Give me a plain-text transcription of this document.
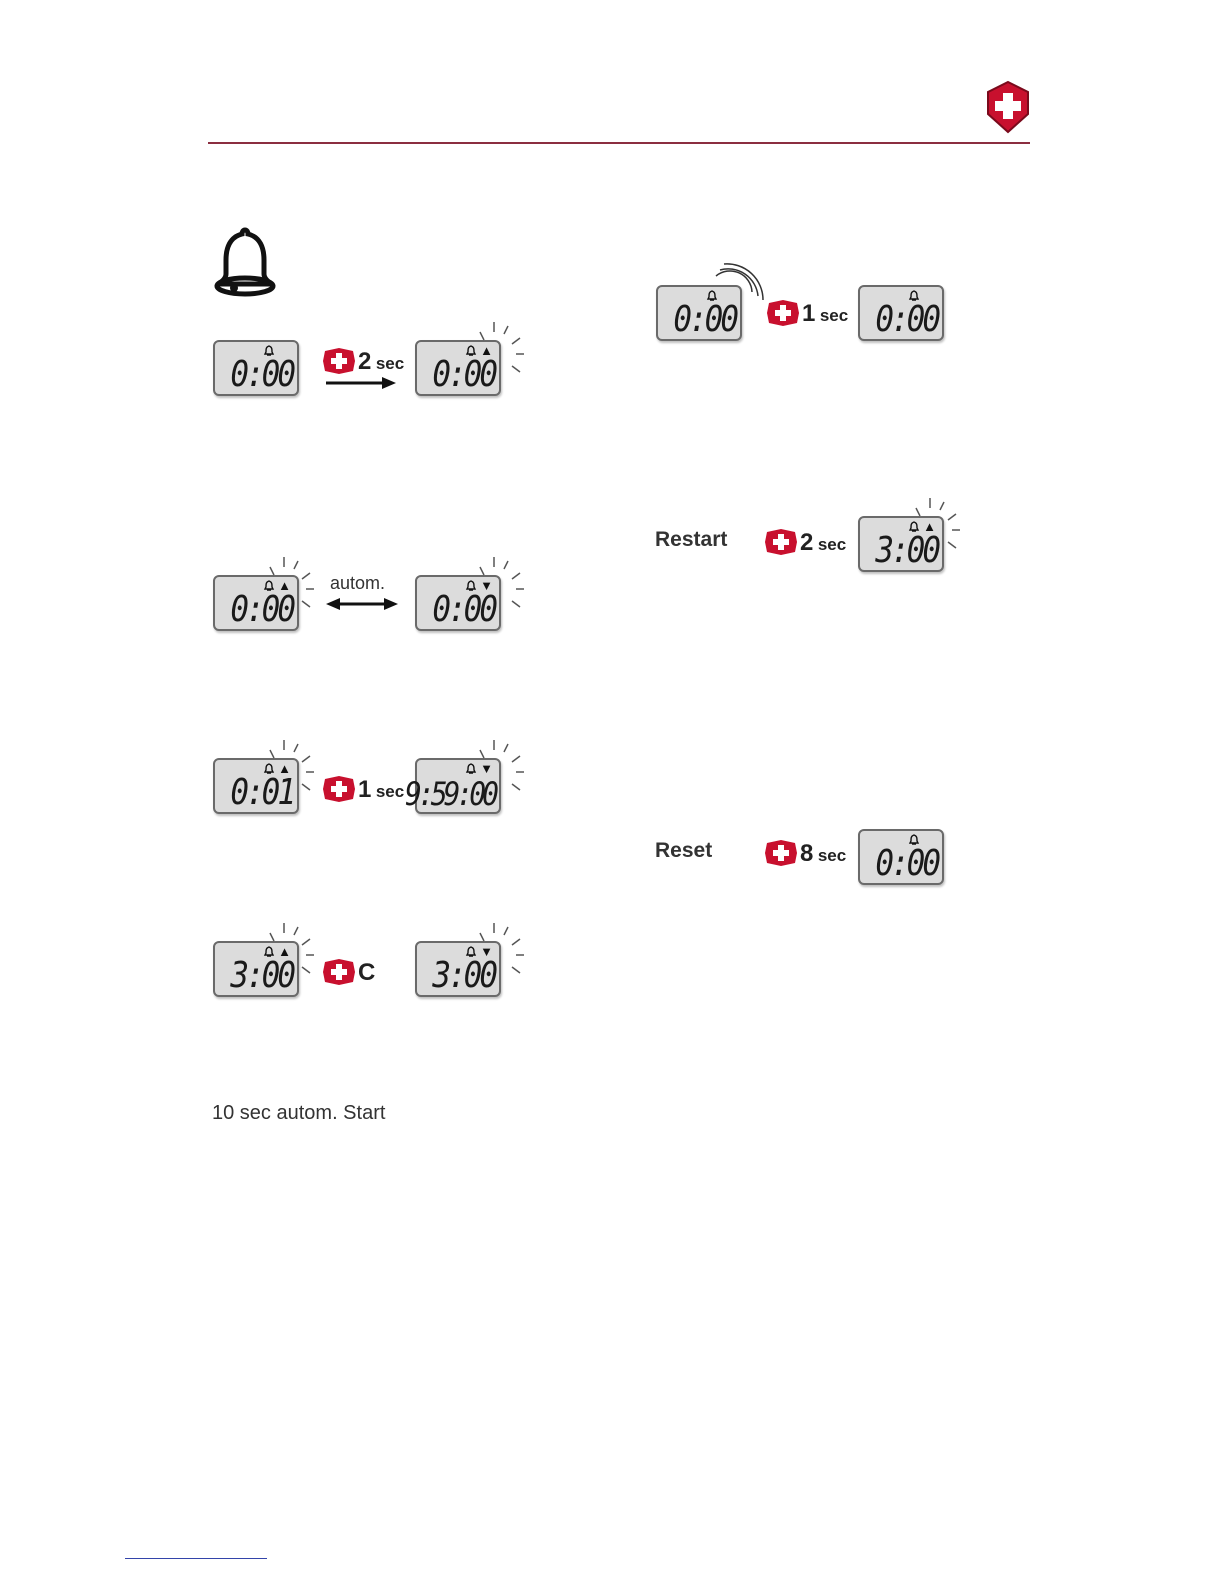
0:00	2 sec
▲
0:00
▲
0:00
autom.	▼
0:00
▲
0:01	1 sec
▼
9:59:00
▲
3:00	C
▼
3:00
10 sec autom. Start
0:00	1 sec 0:00
Restart	2 sec
▲
3:00
Reset	8 sec 0:00
